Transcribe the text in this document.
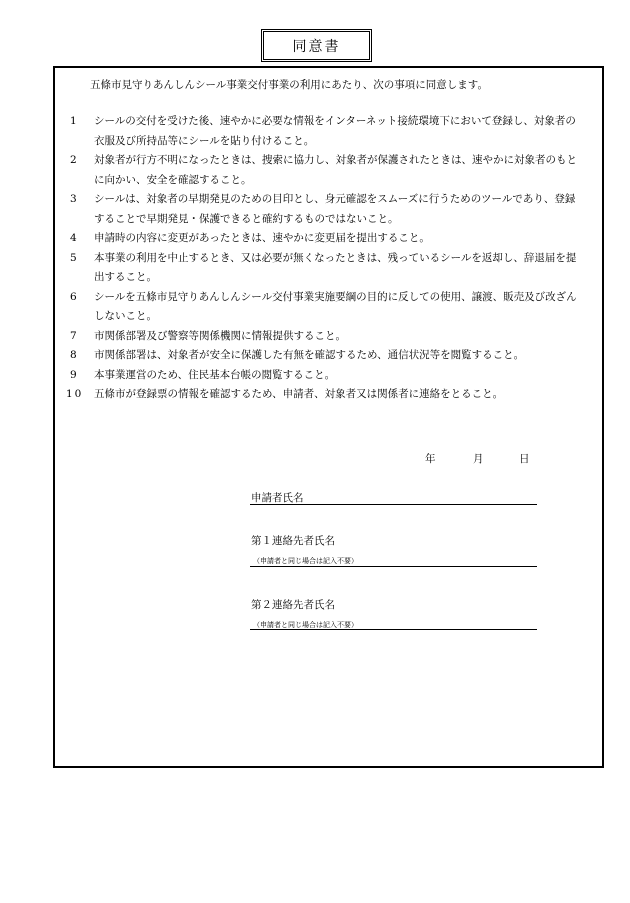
同意書
五條市見守りあんしんシール事業交付事業の利用にあたり、次の事項に同意します。
1	シールの交付を受けた後、速やかに必要な情報をインターネット接続環境下において登録し、対象者の衣服及び所持品等にシールを貼り付けること。
2	対象者が行方不明になったときは、捜索に協力し、対象者が保護されたときは、速やかに対象者のもとに向かい、安全を確認すること。
3	シールは、対象者の早期発見のための目印とし、身元確認をスムーズに行うためのツールであり、登録することで早期発見・保護できると確約するものではないこと。
4	申請時の内容に変更があったときは、速やかに変更届を提出すること。
5	本事業の利用を中止するとき、又は必要が無くなったときは、残っているシールを返却し、辞退届を提出すること。
6	シールを五條市見守りあんしんシール交付事業実施要綱の目的に反しての使用、譲渡、販売及び改ざんしないこと。
7	市関係部署及び警察等関係機関に情報提供すること。
8	市関係部署は、対象者が安全に保護した有無を確認するため、通信状況等を閲覧すること。
9	本事業運営のため、住民基本台帳の閲覧すること。
10	五條市が登録票の情報を確認するため、申請者、対象者又は関係者に連絡をとること。
年	月	日
申請者氏名
第１連絡先者氏名
（申請者と同じ場合は記入不要）
第２連絡先者氏名
（申請者と同じ場合は記入不要）
